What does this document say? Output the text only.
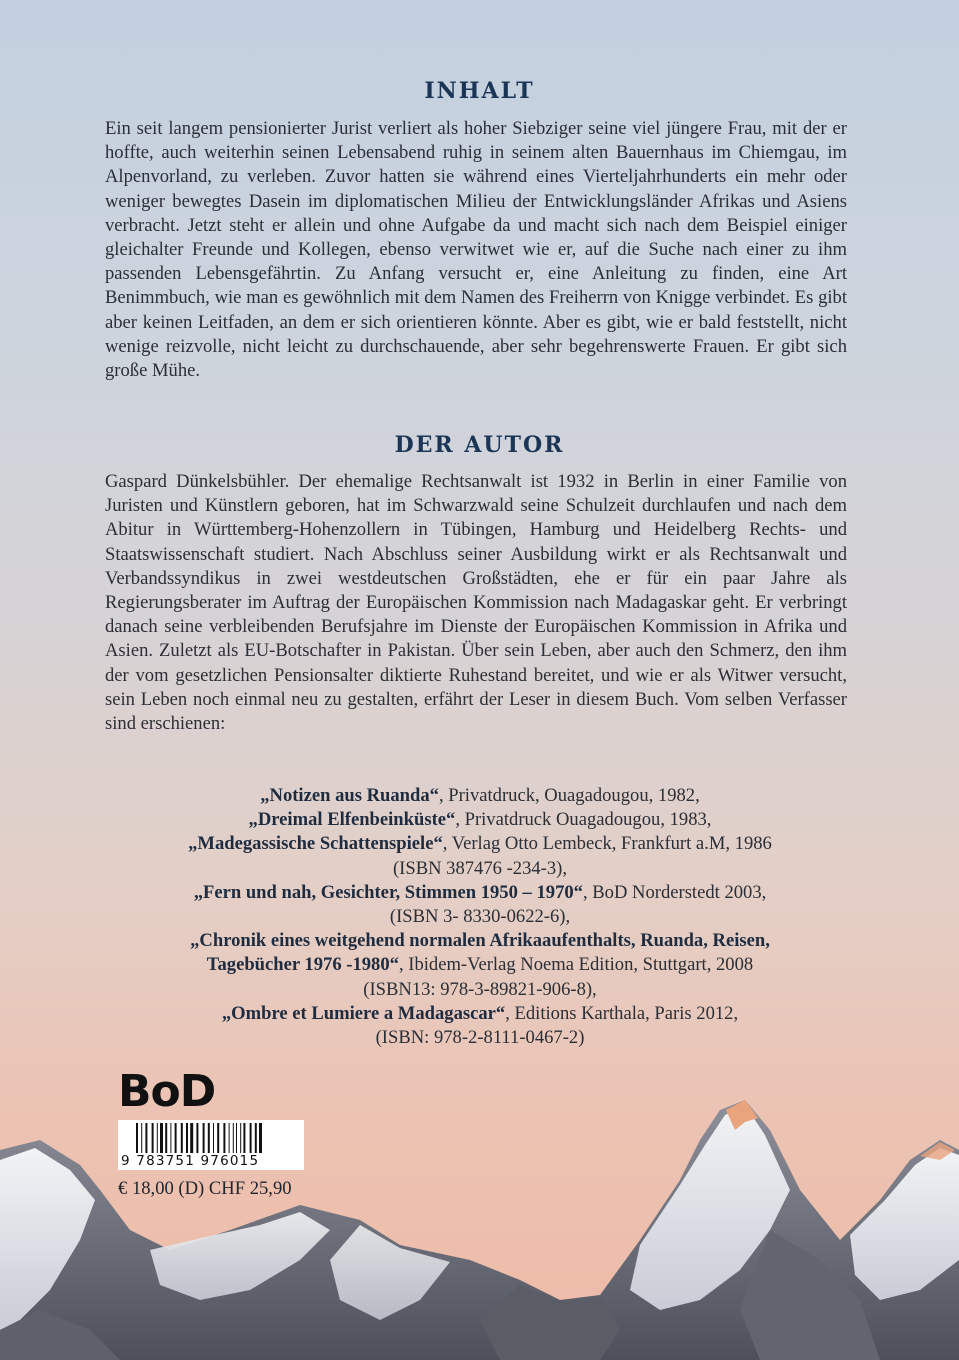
INHALT

Ein seit langem pensionierter Jurist verliert als hoher Siebziger seine viel jüngere Frau, mit der er hoffte, auch weiterhin seinen Lebensabend ruhig in seinem alten Bauernhaus im Chiemgau, im Alpenvorland, zu verleben. Zuvor hatten sie während eines Vierteljahrhunderts ein mehr oder weniger bewegtes Dasein im diplomatischen Milieu der Entwicklungsländer Afrikas und Asiens verbracht. Jetzt steht er allein und ohne Aufgabe da und macht sich nach dem Beispiel einiger gleichalter Freunde und Kollegen, ebenso verwitwet wie er, auf die Suche nach einer zu ihm passenden Lebensgefährtin. Zu Anfang versucht er, eine Anleitung zu finden, eine Art Benimmbuch, wie man es gewöhnlich mit dem Namen des Freiherrn von Knigge verbindet. Es gibt aber keinen Leitfaden, an dem er sich orientieren könnte. Aber es gibt, wie er bald feststellt, nicht wenige reizvolle, nicht leicht zu durchschauende, aber sehr begehrenswerte Frauen. Er gibt sich große Mühe.

DER AUTOR

Gaspard Dünkelsbühler. Der ehemalige Rechtsanwalt ist 1932 in Berlin in einer Familie von Juristen und Künstlern geboren, hat im Schwarzwald seine Schulzeit durchlaufen und nach dem Abitur in Württemberg-Hohenzollern in Tübingen, Hamburg und Heidelberg Rechts- und Staatswissenschaft studiert. Nach Abschluss seiner Ausbildung wirkt er als Rechtsanwalt und Verbandssyndikus in zwei westdeutschen Großstädten, ehe er für ein paar Jahre als Regierungsberater im Auftrag der Europäischen Kommission nach Madagaskar geht. Er verbringt danach seine verbleibenden Berufsjahre im Dienste der Europäischen Kommission in Afrika und Asien. Zuletzt als EU-Botschafter in Pakistan. Über sein Leben, aber auch den Schmerz, den ihm der vom gesetzlichen Pensionsalter diktierte Ruhestand bereitet, und wie er als Witwer versucht, sein Leben noch einmal neu zu gestalten, erfährt der Leser in diesem Buch. Vom selben Verfasser sind erschienen:

„Notizen aus Ruanda“, Privatdruck, Ouagadougou, 1982,
„Dreimal Elfenbeinküste“, Privatdruck Ouagadougou, 1983,
„Madegassische Schattenspiele“, Verlag Otto Lembeck, Frankfurt a.M, 1986
(ISBN 387476 -234-3),
„Fern und nah, Gesichter, Stimmen 1950 – 1970“, BoD Norderstedt 2003,
(ISBN 3- 8330-0622-6),
„Chronik eines weitgehend normalen Afrikaaufenthalts, Ruanda, Reisen,
Tagebücher 1976 -1980“, Ibidem-Verlag Noema Edition, Stuttgart, 2008
(ISBN13: 978-3-89821-906-8),
„Ombre et Lumiere a Madagascar“, Editions Karthala, Paris 2012,
(ISBN: 978-2-8111-0467-2)
BoD
9 783751 976015

€ 18,00 (D) CHF 25,90
